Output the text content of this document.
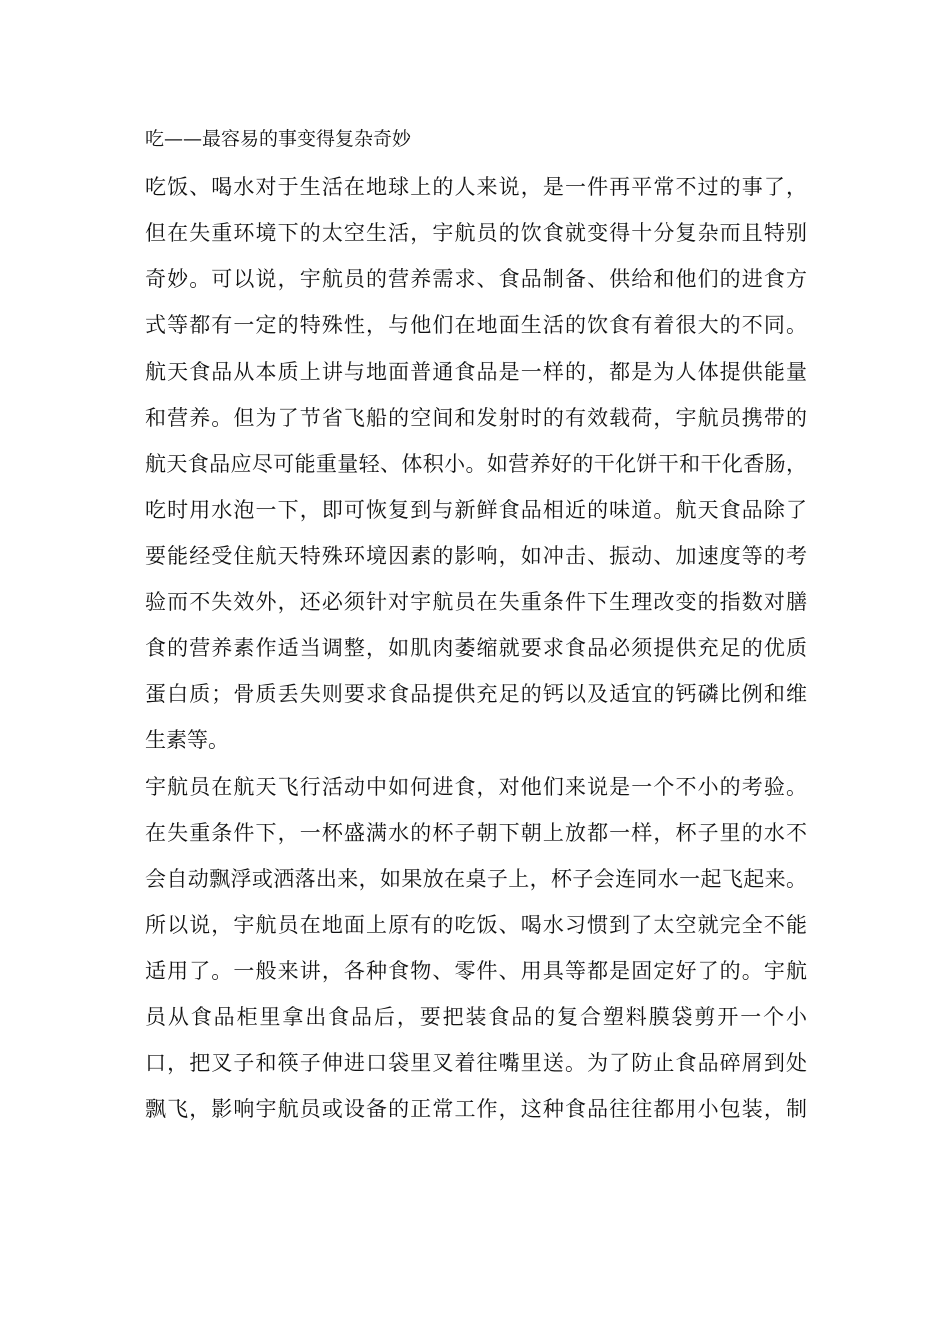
吃——最容易的事变得复杂奇妙
吃饭、喝水对于生活在地球上的人来说，是一件再平常不过的事了，
但在失重环境下的太空生活，宇航员的饮食就变得十分复杂而且特别
奇妙。可以说，宇航员的营养需求、食品制备、供给和他们的进食方
式等都有一定的特殊性，与他们在地面生活的饮食有着很大的不同。
航天食品从本质上讲与地面普通食品是一样的，都是为人体提供能量
和营养。但为了节省飞船的空间和发射时的有效载荷，宇航员携带的
航天食品应尽可能重量轻、体积小。如营养好的干化饼干和干化香肠，
吃时用水泡一下，即可恢复到与新鲜食品相近的味道。航天食品除了
要能经受住航天特殊环境因素的影响，如冲击、振动、加速度等的考
验而不失效外，还必须针对宇航员在失重条件下生理改变的指数对膳
食的营养素作适当调整，如肌肉萎缩就要求食品必须提供充足的优质
蛋白质；骨质丢失则要求食品提供充足的钙以及适宜的钙磷比例和维
生素等。
宇航员在航天飞行活动中如何进食，对他们来说是一个不小的考验。
在失重条件下，一杯盛满水的杯子朝下朝上放都一样，杯子里的水不
会自动飘浮或洒落出来，如果放在桌子上，杯子会连同水一起飞起来。
所以说，宇航员在地面上原有的吃饭、喝水习惯到了太空就完全不能
适用了。一般来讲，各种食物、零件、用具等都是固定好了的。宇航
员从食品柜里拿出食品后，要把装食品的复合塑料膜袋剪开一个小
口，把叉子和筷子伸进口袋里叉着往嘴里送。为了防止食品碎屑到处
飘飞，影响宇航员或设备的正常工作，这种食品往往都用小包装，制
